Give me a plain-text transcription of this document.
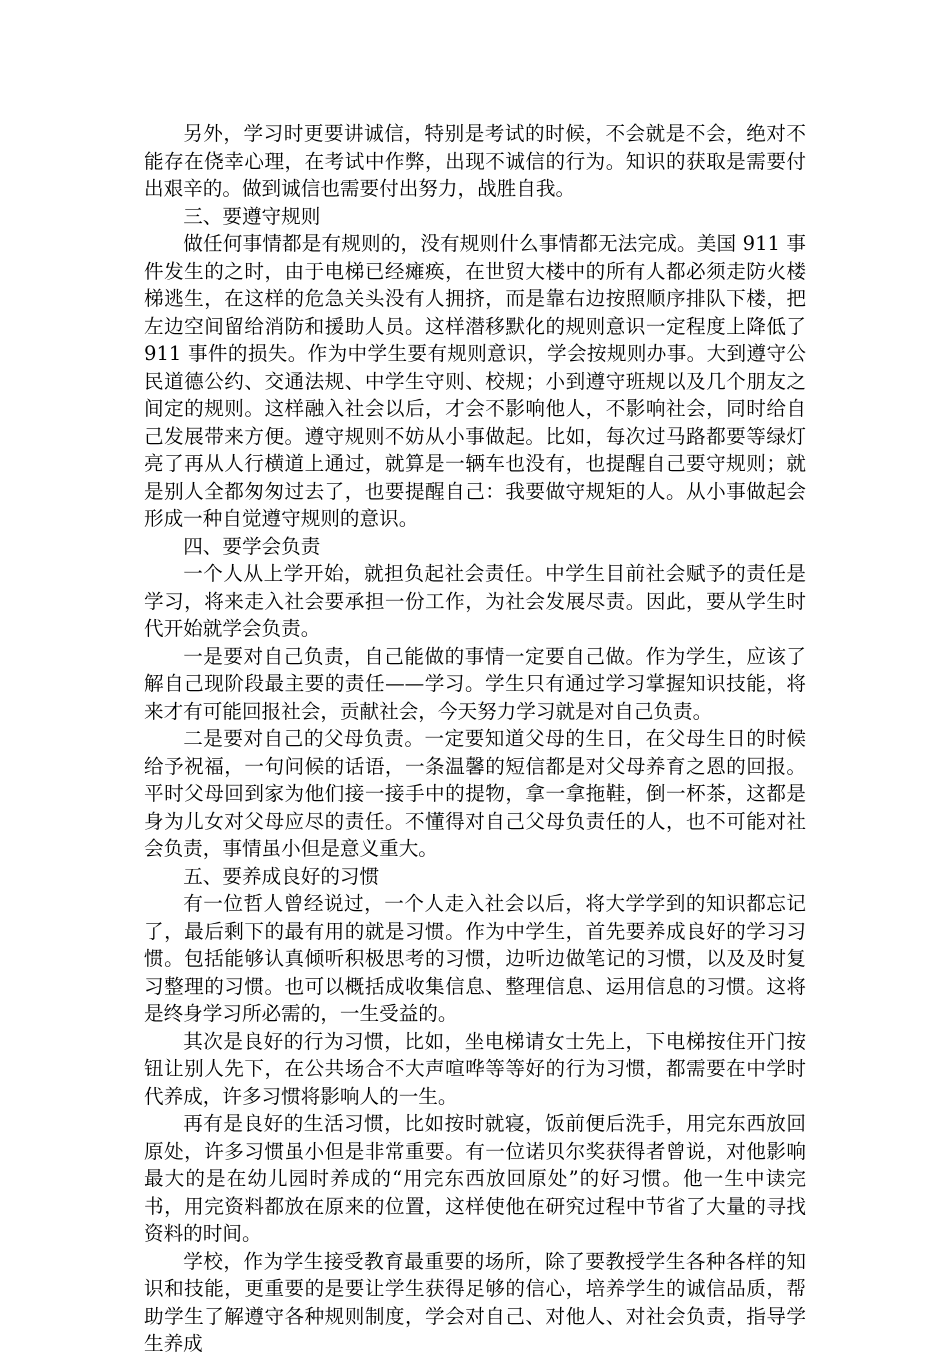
另外，学习时更要讲诚信，特别是考试的时候，不会就是不会，绝对不能存在侥幸心理，在考试中作弊，出现不诚信的行为。知识的获取是需要付出艰辛的。做到诚信也需要付出努力，战胜自我。

三、要遵守规则

做任何事情都是有规则的，没有规则什么事情都无法完成。美国 911 事件发生的之时，由于电梯已经瘫痪，在世贸大楼中的所有人都必须走防火楼梯逃生，在这样的危急关头没有人拥挤，而是靠右边按照顺序排队下楼，把左边空间留给消防和援助人员。这样潜移默化的规则意识一定程度上降低了 911 事件的损失。作为中学生要有规则意识，学会按规则办事。大到遵守公民道德公约、交通法规、中学生守则、校规；小到遵守班规以及几个朋友之间定的规则。这样融入社会以后，才会不影响他人，不影响社会，同时给自己发展带来方便。遵守规则不妨从小事做起。比如，每次过马路都要等绿灯亮了再从人行横道上通过，就算是一辆车也没有，也提醒自己要守规则；就是别人全都匆匆过去了，也要提醒自己：我要做守规矩的人。从小事做起会形成一种自觉遵守规则的意识。

四、要学会负责

一个人从上学开始，就担负起社会责任。中学生目前社会赋予的责任是学习，将来走入社会要承担一份工作，为社会发展尽责。因此，要从学生时代开始就学会负责。

一是要对自己负责，自己能做的事情一定要自己做。作为学生，应该了解自己现阶段最主要的责任——学习。学生只有通过学习掌握知识技能，将来才有可能回报社会，贡献社会，今天努力学习就是对自己负责。

二是要对自己的父母负责。一定要知道父母的生日，在父母生日的时候给予祝福，一句问候的话语，一条温馨的短信都是对父母养育之恩的回报。平时父母回到家为他们接一接手中的提物，拿一拿拖鞋，倒一杯茶，这都是身为儿女对父母应尽的责任。不懂得对自己父母负责任的人，也不可能对社会负责，事情虽小但是意义重大。

五、要养成良好的习惯

有一位哲人曾经说过，一个人走入社会以后，将大学学到的知识都忘记了，最后剩下的最有用的就是习惯。作为中学生，首先要养成良好的学习习惯。包括能够认真倾听积极思考的习惯，边听边做笔记的习惯，以及及时复习整理的习惯。也可以概括成收集信息、整理信息、运用信息的习惯。这将是终身学习所必需的，一生受益的。

其次是良好的行为习惯，比如，坐电梯请女士先上，下电梯按住开门按钮让别人先下，在公共场合不大声喧哗等等好的行为习惯，都需要在中学时代养成，许多习惯将影响人的一生。

再有是良好的生活习惯，比如按时就寝，饭前便后洗手，用完东西放回原处，许多习惯虽小但是非常重要。有一位诺贝尔奖获得者曾说，对他影响最大的是在幼儿园时养成的“用完东西放回原处”的好习惯。他一生中读完书，用完资料都放在原来的位置，这样使他在研究过程中节省了大量的寻找资料的时间。

学校，作为学生接受教育最重要的场所，除了要教授学生各种各样的知识和技能，更重要的是要让学生获得足够的信心，培养学生的诚信品质，帮助学生了解遵守各种规则制度，学会对自己、对他人、对社会负责，指导学生养成
